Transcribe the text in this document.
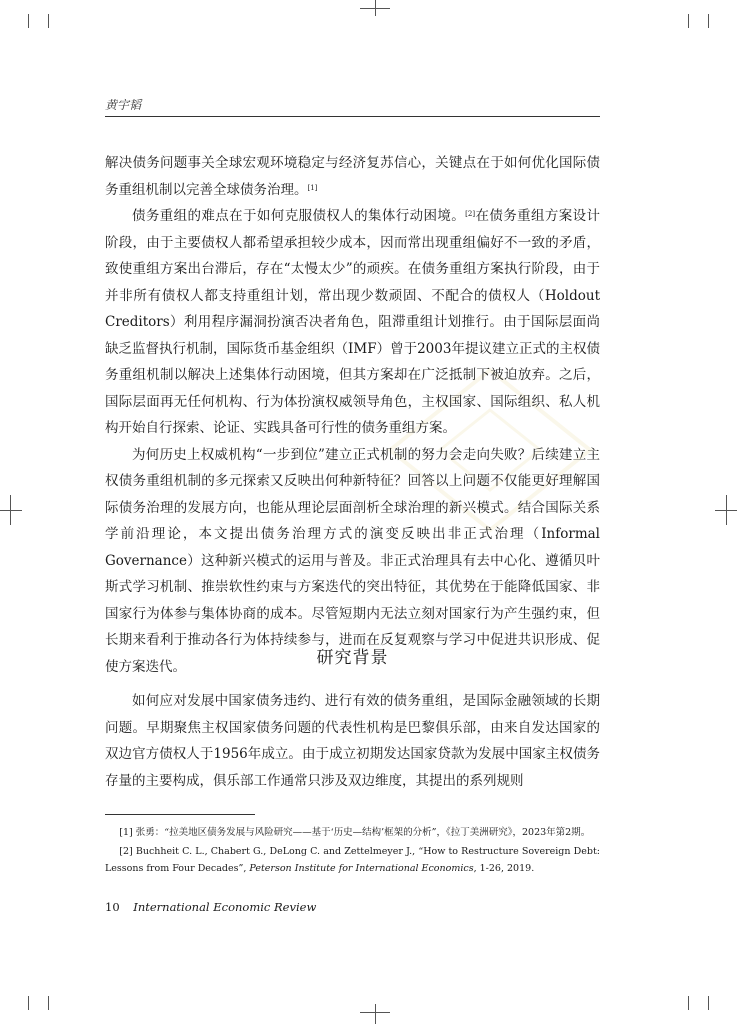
黄宇韬

解决债务问题事关全球宏观环境稳定与经济复苏信心，关键点在于如何优化国际债务重组机制以完善全球债务治理。[1]

债务重组的难点在于如何克服债权人的集体行动困境。[2]在债务重组方案设计阶段，由于主要债权人都希望承担较少成本，因而常出现重组偏好不一致的矛盾，致使重组方案出台滞后，存在“太慢太少”的顽疾。在债务重组方案执行阶段，由于并非所有债权人都支持重组计划，常出现少数顽固、不配合的债权人（Holdout Creditors）利用程序漏洞扮演否决者角色，阻滞重组计划推行。由于国际层面尚缺乏监督执行机制，国际货币基金组织（IMF）曾于2003年提议建立正式的主权债务重组机制以解决上述集体行动困境，但其方案却在广泛抵制下被迫放弃。之后，国际层面再无任何机构、行为体扮演权威领导角色，主权国家、国际组织、私人机构开始自行探索、论证、实践具备可行性的债务重组方案。

为何历史上权威机构“一步到位”建立正式机制的努力会走向失败？后续建立主权债务重组机制的多元探索又反映出何种新特征？回答以上问题不仅能更好理解国际债务治理的发展方向，也能从理论层面剖析全球治理的新兴模式。结合国际关系学前沿理论，本文提出债务治理方式的演变反映出非正式治理（Informal Governance）这种新兴模式的运用与普及。非正式治理具有去中心化、遵循贝叶斯式学习机制、推崇软性约束与方案迭代的突出特征，其优势在于能降低国家、非国家行为体参与集体协商的成本。尽管短期内无法立刻对国家行为产生强约束，但长期来看利于推动各行为体持续参与，进而在反复观察与学习中促进共识形成、促使方案迭代。	研究背景

如何应对发展中国家债务违约、进行有效的债务重组，是国际金融领域的长期问题。早期聚焦主权国家债务问题的代表性机构是巴黎俱乐部，由来自发达国家的双边官方债权人于1956年成立。由于成立初期发达国家贷款为发展中国家主权债务存量的主要构成，俱乐部工作通常只涉及双边维度，其提出的系列规则

[1] 张勇：“拉美地区债务发展与风险研究——基于‘历史—结构’框架的分析”，《拉丁美洲研究》，2023年第2期。

[2] Buchheit C. L., Chabert G., DeLong C. and Zettelmeyer J., “How to Restructure Sovereign Debt: Lessons from Four Decades”, Peterson Institute for International Economics, 1-26, 2019.

10 International Economic Review
